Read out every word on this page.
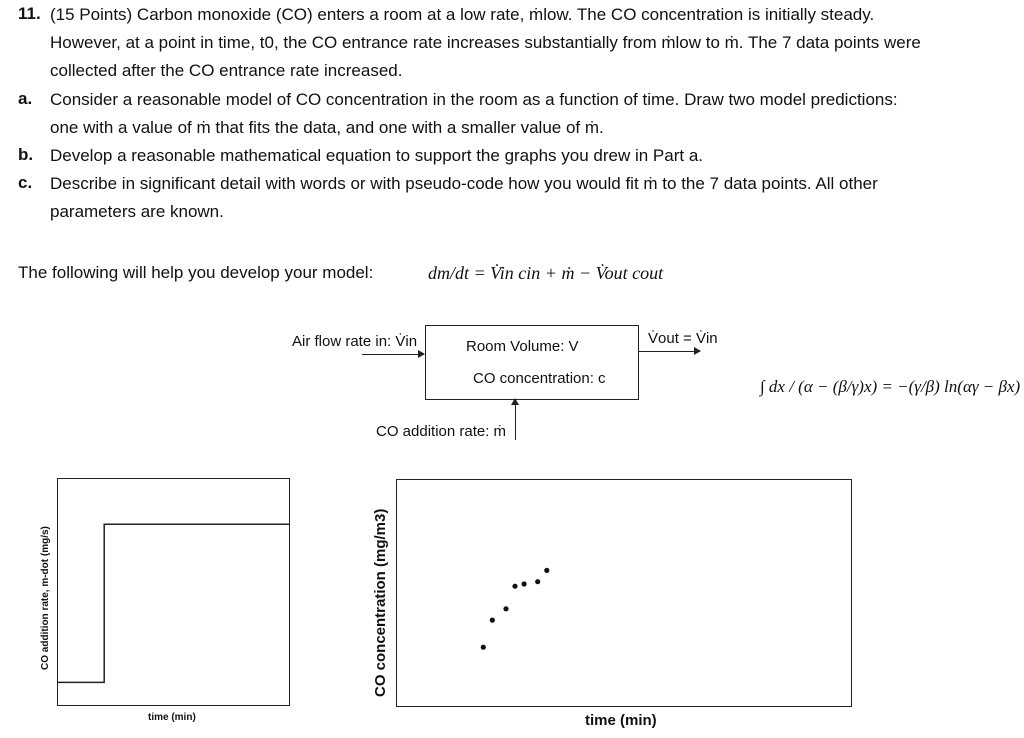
11. (15 Points) Carbon monoxide (CO) enters a room at a low rate, ṁlow. The CO concentration is initially steady.
However, at a point in time, t0, the CO entrance rate increases substantially from ṁlow to ṁ. The 7 data points were
collected after the CO entrance rate increased.
a. Consider a reasonable model of CO concentration in the room as a function of time. Draw two model predictions:
one with a value of ṁ that fits the data, and one with a smaller value of ṁ.
b. Develop a reasonable mathematical equation to support the graphs you drew in Part a.
c. Describe in significant detail with words or with pseudo-code how you would fit ṁ to the 7 data points. All other
parameters are known.
The following will help you develop your model:	dm/dt = V̇in cin + ṁ − V̇out cout
Air flow rate in: V̇in	Room Volume: V
CO concentration: c
V̇out = V̇in
CO addition rate: ṁ
∫ dx / (α − (β/γ)x) = −(γ/β) ln(αγ − βx)
CO addition rate, m-dot (mg/s)
time (min)
CO concentration (mg/m3)
time (min)
